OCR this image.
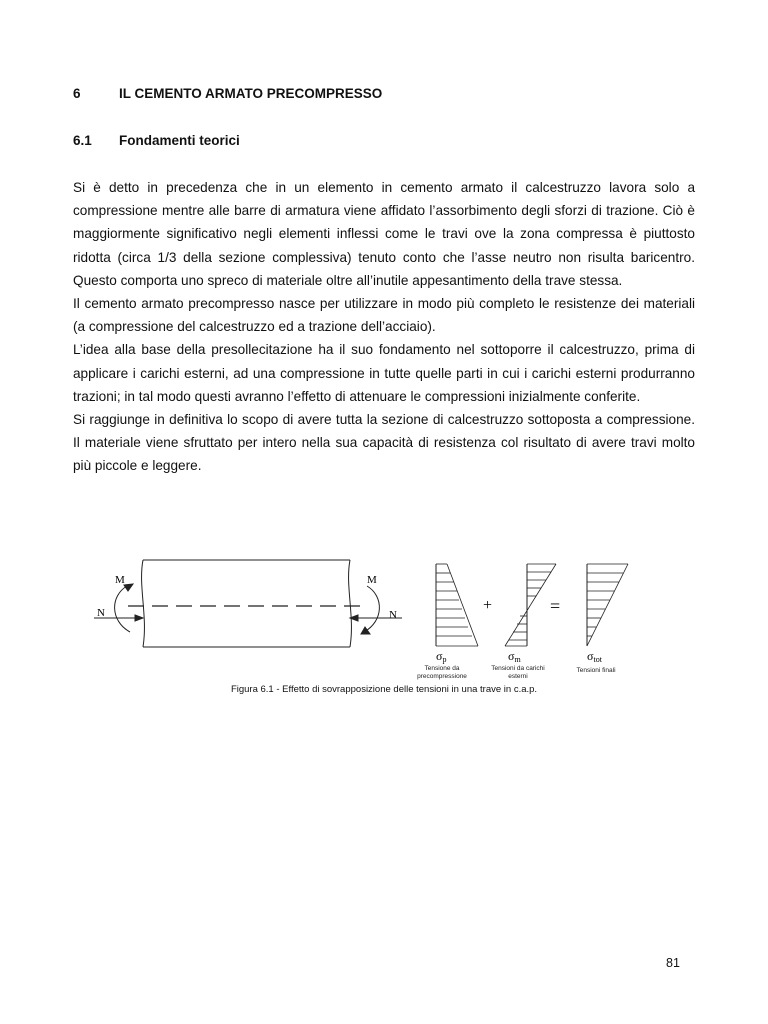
6	IL CEMENTO ARMATO PRECOMPRESSO
6.1	Fondamenti teorici

Si è detto in precedenza che in un elemento in cemento armato il calcestruzzo lavora solo a compressione mentre alle barre di armatura viene affidato l’assorbimento degli sforzi di trazione. Ciò è maggiormente significativo negli elementi inflessi come le travi ove la zona compressa è piuttosto ridotta (circa 1/3 della sezione complessiva) tenuto conto che l’asse neutro non risulta baricentro. Questo comporta uno spreco di materiale oltre all’inutile appesantimento della trave stessa.

Il cemento armato precompresso nasce per utilizzare in modo più completo le resistenze dei materiali (a compressione del calcestruzzo ed a trazione dell’acciaio).

L’idea alla base della presollecitazione ha il suo fondamento nel sottoporre il calcestruzzo, prima di applicare i carichi esterni, ad una compressione in tutte quelle parti in cui i carichi esterni produrranno trazioni; in tal modo questi avranno l’effetto di attenuare le compressioni inizialmente conferite.

Si raggiunge in definitiva lo scopo di avere tutta la sezione di calcestruzzo sottoposta a compressione. Il materiale viene sfruttato per intero nella sua capacità di resistenza col risultato di avere travi molto più piccole e leggere.

M	M
N	N
+	=
σp	σm	σtot
Tensione da precompressione
Tensioni da carichi esterni
Tensioni finali
Figura 6.1 - Effetto di sovrapposizione delle tensioni in una trave in c.a.p.
81
